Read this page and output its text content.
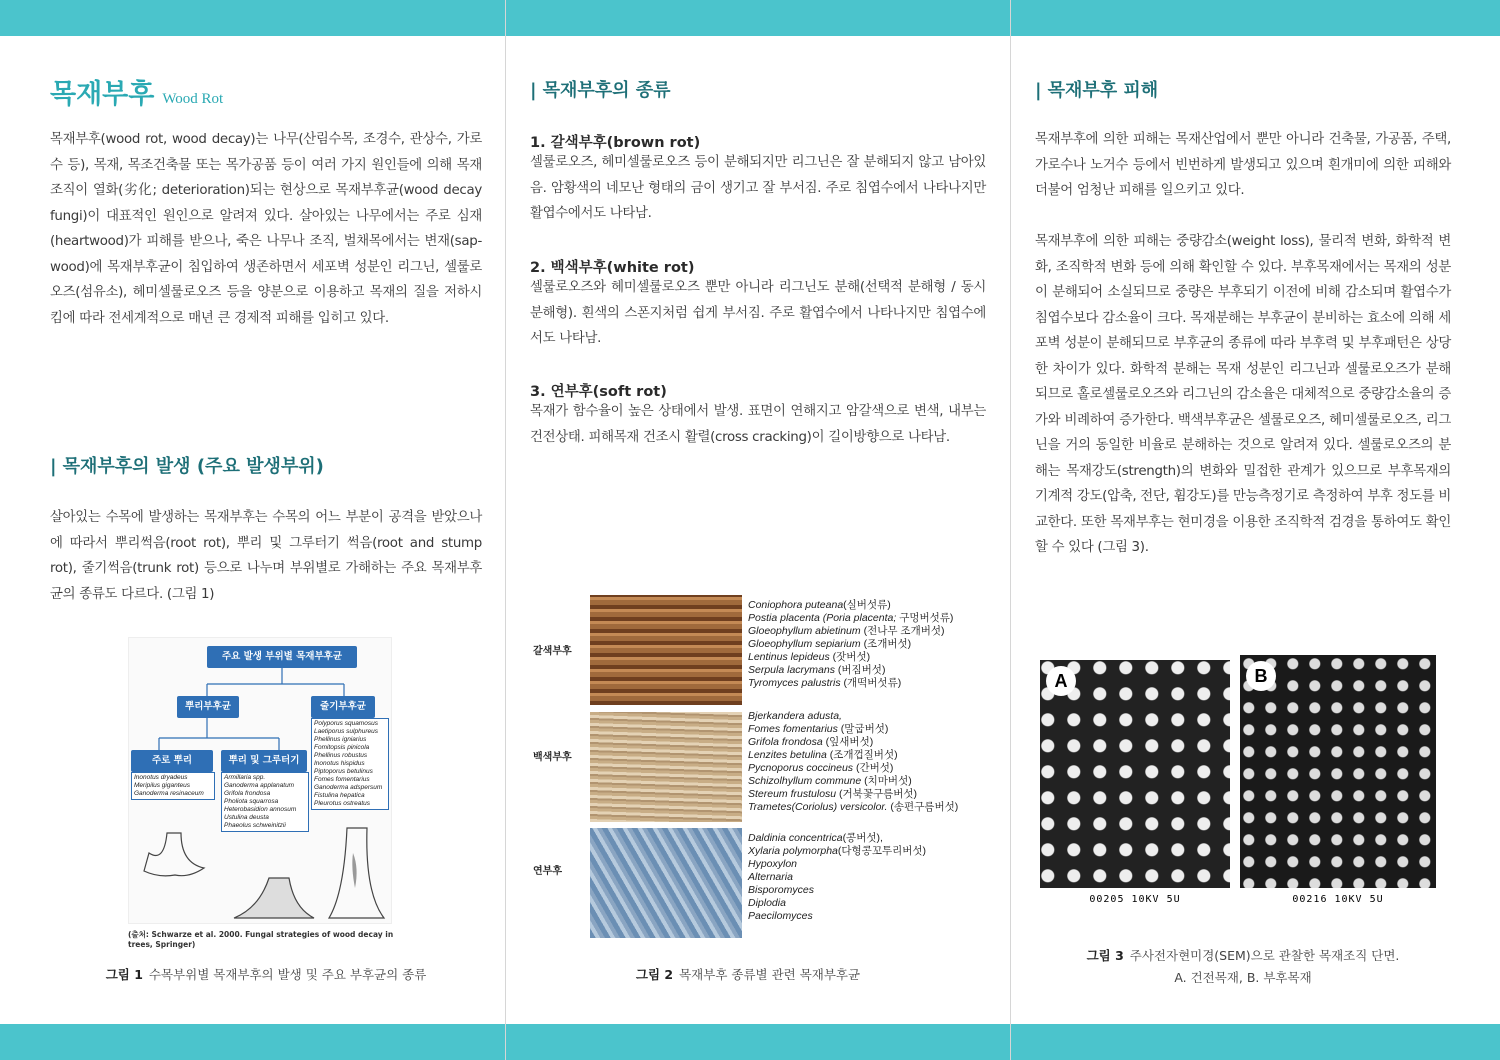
목재부후 Wood Rot

목재부후(wood rot, wood decay)는 나무(산림수목, 조경수, 관상수, 가로수 등), 목재, 목조건축물 또는 목가공품 등이 여러 가지 원인들에 의해 목재조직이 열화(劣化; deterioration)되는 현상으로 목재부후균(wood decay fungi)이 대표적인 원인으로 알려져 있다. 살아있는 나무에서는 주로 심재(heartwood)가 피해를 받으나, 죽은 나무나 조직, 벌채목에서는 변재(sap-wood)에 목재부후균이 침입하여 생존하면서 세포벽 성분인 리그닌, 셀룰로오즈(섬유소), 헤미셀룰로오즈 등을 양분으로 이용하고 목재의 질을 저하시킴에 따라 전세계적으로 매년 큰 경제적 피해를 입히고 있다.

| 목재부후의 발생 (주요 발생부위)

살아있는 수목에 발생하는 목재부후는 수목의 어느 부분이 공격을 받았으나에 따라서 뿌리썩음(root rot), 뿌리 및 그루터기 썩음(root and stump rot), 줄기썩음(trunk rot) 등으로 나누며 부위별로 가해하는 주요 목재부후균의 종류도 다르다. (그림 1)

주요 발생 부위별 목재부후균
뿌리부후균	줄기부후균
주로 뿌리	뿌리 및 그루터기
Inonotus dryadeus
Meripilus giganteus
Ganoderma resinaceum
Armillaria spp.
Ganoderma applanatum
Grifola frondosa
Pholiota squarrosa
Heterobasidion annosum
Ustulina deusta
Phaeolus schweinitzii
Polyporus squamosus
Laetiporus sulphureus
Phellinus igniarius
Fomitopsis pinicola
Phellinus robustus
Inonotus hispidus
Piptoporus betulinus
Fomes fomentarius
Ganoderma adspersum
Fistulina hepatica
Pleurotus ostreatus
(출처: Schwarze et al. 2000. Fungal strategies of wood decay in trees, Springer)
그림 1 수목부위별 목재부후의 발생 및 주요 부후균의 종류
| 목재부후의 종류
1. 갈색부후(brown rot)

셀룰로오즈, 헤미셀룰로오즈 등이 분해되지만 리그닌은 잘 분해되지 않고 남아있음. 암황색의 네모난 형태의 금이 생기고 잘 부서짐. 주로 침엽수에서 나타나지만 활엽수에서도 나타남.

2. 백색부후(white rot)

셀룰로오즈와 헤미셀룰로오즈 뿐만 아니라 리그닌도 분해(선택적 분해형 / 동시분해형). 흰색의 스폰지처럼 쉽게 부서짐. 주로 활엽수에서 나타나지만 침엽수에서도 나타남.

3. 연부후(soft rot)

목재가 함수율이 높은 상태에서 발생. 표면이 연해지고 암갈색으로 변색, 내부는 건전상태. 피해목재 건조시 활렬(cross cracking)이 길이방향으로 나타남.

갈색부후
Coniophora puteana(실버섯류)
Postia placenta (Poria placenta; 구멍버섯류)
Gloeophyllum abietinum (전나무 조개버섯)
Gloeophyllum sepiarium (조개버섯)
Lentinus lepideus (잣버섯)
Serpula lacrymans (버짐버섯)
Tyromyces palustris (개떡버섯류)
백색부후
Bjerkandera adusta,
Fomes fomentarius (말굽버섯)
Grifola frondosa (잎새버섯)
Lenzites betulina (조개껍질버섯)
Pycnoporus coccineus (간버섯)
Schizolhyllum commune (치마버섯)
Stereum frustulosu (거북꽃구름버섯)
Trametes(Coriolus) versicolor. (송편구름버섯)
연부후
Daldinia concentrica(콩버섯),
Xylaria polymorpha(다형콩꼬투리버섯)
Hypoxylon
Alternaria
Bisporomyces
Diplodia
Paecilomyces
그림 2 목재부후 종류별 관련 목재부후균
| 목재부후 피해

목재부후에 의한 피해는 목재산업에서 뿐만 아니라 건축물, 가공품, 주택, 가로수나 노거수 등에서 빈번하게 발생되고 있으며 흰개미에 의한 피해와 더불어 엄청난 피해를 일으키고 있다.

목재부후에 의한 피해는 중량감소(weight loss), 물리적 변화, 화학적 변화, 조직학적 변화 등에 의해 확인할 수 있다. 부후목재에서는 목재의 성분이 분해되어 소실되므로 중량은 부후되기 이전에 비해 감소되며 활엽수가 침엽수보다 감소율이 크다. 목재분해는 부후균이 분비하는 효소에 의해 세포벽 성분이 분해되므로 부후균의 종류에 따라 부후력 및 부후패턴은 상당한 차이가 있다. 화학적 분해는 목재 성분인 리그닌과 셀룰로오즈가 분해되므로 홀로셀룰로오즈와 리그닌의 감소율은 대체적으로 중량감소율의 증가와 비례하여 증가한다. 백색부후균은 셀룰로오즈, 헤미셀룰로오즈, 리그닌을 거의 동일한 비율로 분해하는 것으로 알려져 있다. 셀룰로오즈의 분해는 목재강도(strength)의 변화와 밀접한 관계가 있으므로 부후목재의 기계적 강도(압축, 전단, 휨강도)를 만능측정기로 측정하여 부후 정도를 비교한다. 또한 목재부후는 현미경을 이용한 조직학적 검경을 통하여도 확인할 수 있다 (그림 3).

A
00205 10KV 5U
B
00216 10KV 5U
그림 3 주사전자현미경(SEM)으로 관찰한 목재조직 단면.
A. 건전목재, B. 부후목재
